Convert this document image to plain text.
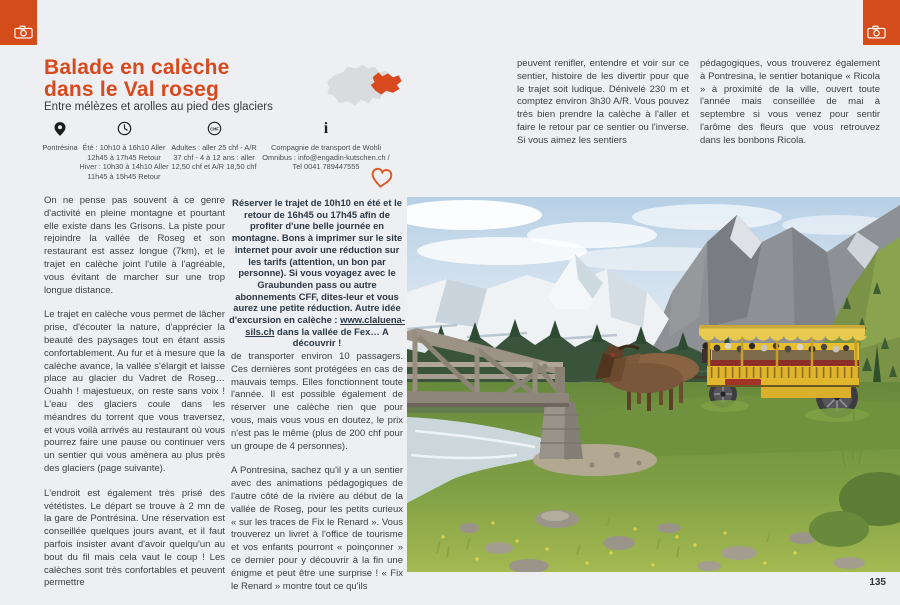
Balade en calèche
dans le Val roseg
Entre mélèzes et arolles au pied des glaciers
Pontrésina Été : 10h10 à 16h10 Aller
12h45 à 17h45 Retour
Hiver : 10h30 à 14h10 Aller
11h45 à 15h45 Retour
CHF
Adultes : aller 25 chf - A/R
37 chf - 4 à 12 ans : aller
12,50 chf et A/R 18,50 chf
i
Compagnie de transport de Wohli
Omnibus : info@engadin-kutschen.ch /
Tel 0041 789447555
Réserver le trajet de 10h10 en été et le retour de 16h45 ou 17h45 afin de profiter d'une belle journée en montagne. Bons à imprimer sur le site internet pour avoir une réduction sur les tarifs (attention, un bon par personne). Si vous voyagez avec le Graubunden pass ou autre abonnements CFF, dites-leur et vous aurez une petite réduction. Autre idée d'excursion en calèche : www.claluena-sils.ch dans la vallée de Fex… A découvrir !

On ne pense pas souvent à ce genre d'activité en pleine montagne et pourtant elle existe dans les Grisons. La piste pour rejoindre la vallée de Roseg et son restaurant est assez longue (7km), et le trajet en calèche joint l'utile à l'agréable, vous évitant de marcher sur une trop longue distance.

Le trajet en calèche vous permet de lâcher prise, d'écouter la nature, d'apprécier la beauté des paysages tout en étant assis confortablement. Au fur et à mesure que la calèche avance, la vallée s'élargit et laisse place au glacier du Vadret de Roseg… Ouahh ! majestueux, on reste sans voix ! L'eau des glaciers coule dans les méandres du torrent que vous traversez, et vous voilà arrivés au restaurant où vous pourrez faire une pause ou continuer vers un sentier qui vous amènera au plus près des glaciers (page suivante).

L'endroit est également très prisé des vététistes. Le départ se trouve à 2 mn de la gare de Pontrésina. Une réservation est conseillée quelques jours avant, et il faut parfois insister avant d'avoir quelqu'un au bout du fil mais cela vaut le coup ! Les calèches sont très confortables et peuvent permettre

de transporter environ 10 passagers. Ces dernières sont protégées en cas de mauvais temps. Elles fonctionnent toute l'année. Il est possible également de réserver une calèche rien que pour vous, mais vous vous en doutez, le prix n'est pas le même (plus de 200 chf pour un groupe de 4 personnes).

A Pontresina, sachez qu'il y a un sentier avec des animations pédagogiques de l'autre côté de la rivière au début de la vallée de Roseg, pour les petits curieux « sur les traces de Fix le Renard ». Vous trouverez un livret à l'office de tourisme et vos enfants pourront « poinçonner » ce dernier pour y découvrir à la fin une énigme et peut être une surprise ! « Fix le Renard » montre tout ce qu'ils

peuvent renifler, entendre et voir sur ce sentier, histoire de les divertir pour que le trajet soit ludique. Dénivelé 230 m et comptez environ 3h30 A/R. Vous pouvez très bien prendre la calèche à l'aller et faire le retour par ce sentier ou l'inverse. Si vous aimez les sentiers

pédagogiques, vous trouverez également à Pontresina, le sentier botanique « Ricola » à proximité de la ville, ouvert toute l'année mais conseillée de mai à septembre si vous venez pour sentir l'arôme des fleurs que vous retrouvez dans les bonbons Ricola.

135
